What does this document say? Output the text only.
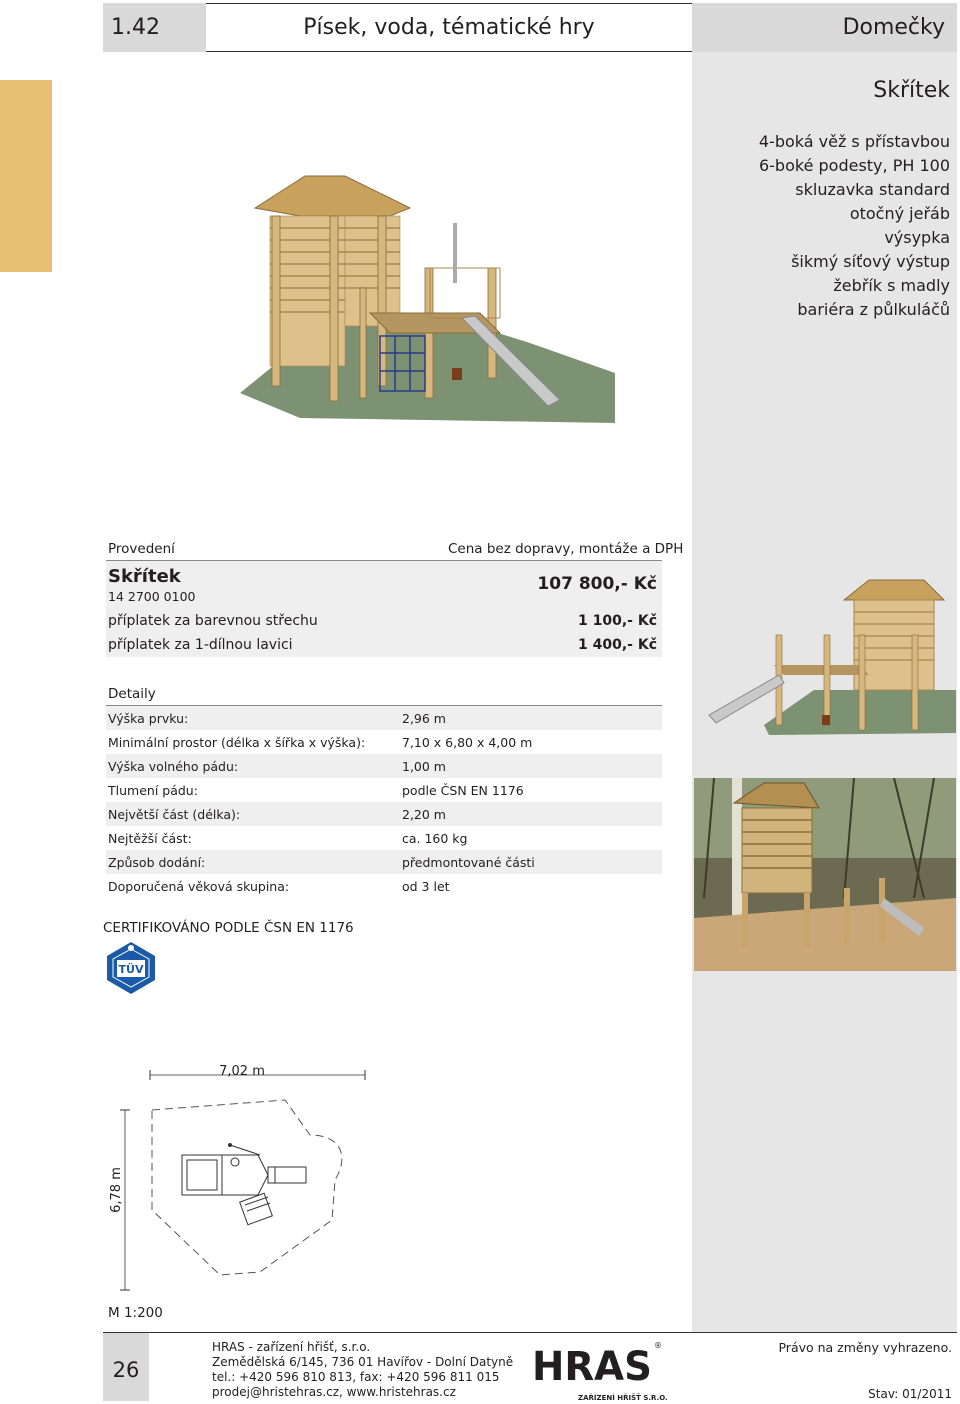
1.42	Písek, voda, tématické hry	Domečky
Skřítek
4-boká věž s přístavbou
6-boké podesty, PH 100
skluzavka standard
otočný jeřáb
výsypka
šikmý síťový výstup
žebřík s madly
bariéra z půlkuláčů
Provedení	Cena bez dopravy, montáže a DPH
Skřítek
14 2700 0100
107 800,- Kč
příplatek za barevnou střechu	1 100,- Kč
příplatek za 1-dílnou lavici	1 400,- Kč
Detaily
Výška prvku:	2,96 m
Minimální prostor (délka x šířka x výška):	7,10 x 6,80 x 4,00 m
Výška volného pádu:	1,00 m
Tlumení pádu:	podle ČSN EN 1176
Největší část (délka):	2,20 m
Nejtěžší část:	ca. 160 kg
Způsob dodání:	předmontované části
Doporučená věková skupina:	od 3 let
CERTIFIKOVÁNO PODLE ČSN EN 1176
TÜV
7,02 m
6,78 m
M 1:200
26
HRAS - zařízení hřišť, s.r.o.
Zemědělská 6/145, 736 01 Havířov - Dolní Datyně
tel.: +420 596 810 813, fax: +420 596 811 015
prodej@hristehras.cz, www.hristehras.cz
HRAS
ZAŘÍZENÍ HŘIŠŤ S.R.O.
®	Právo na změny vyhrazeno.
Stav: 01/2011
